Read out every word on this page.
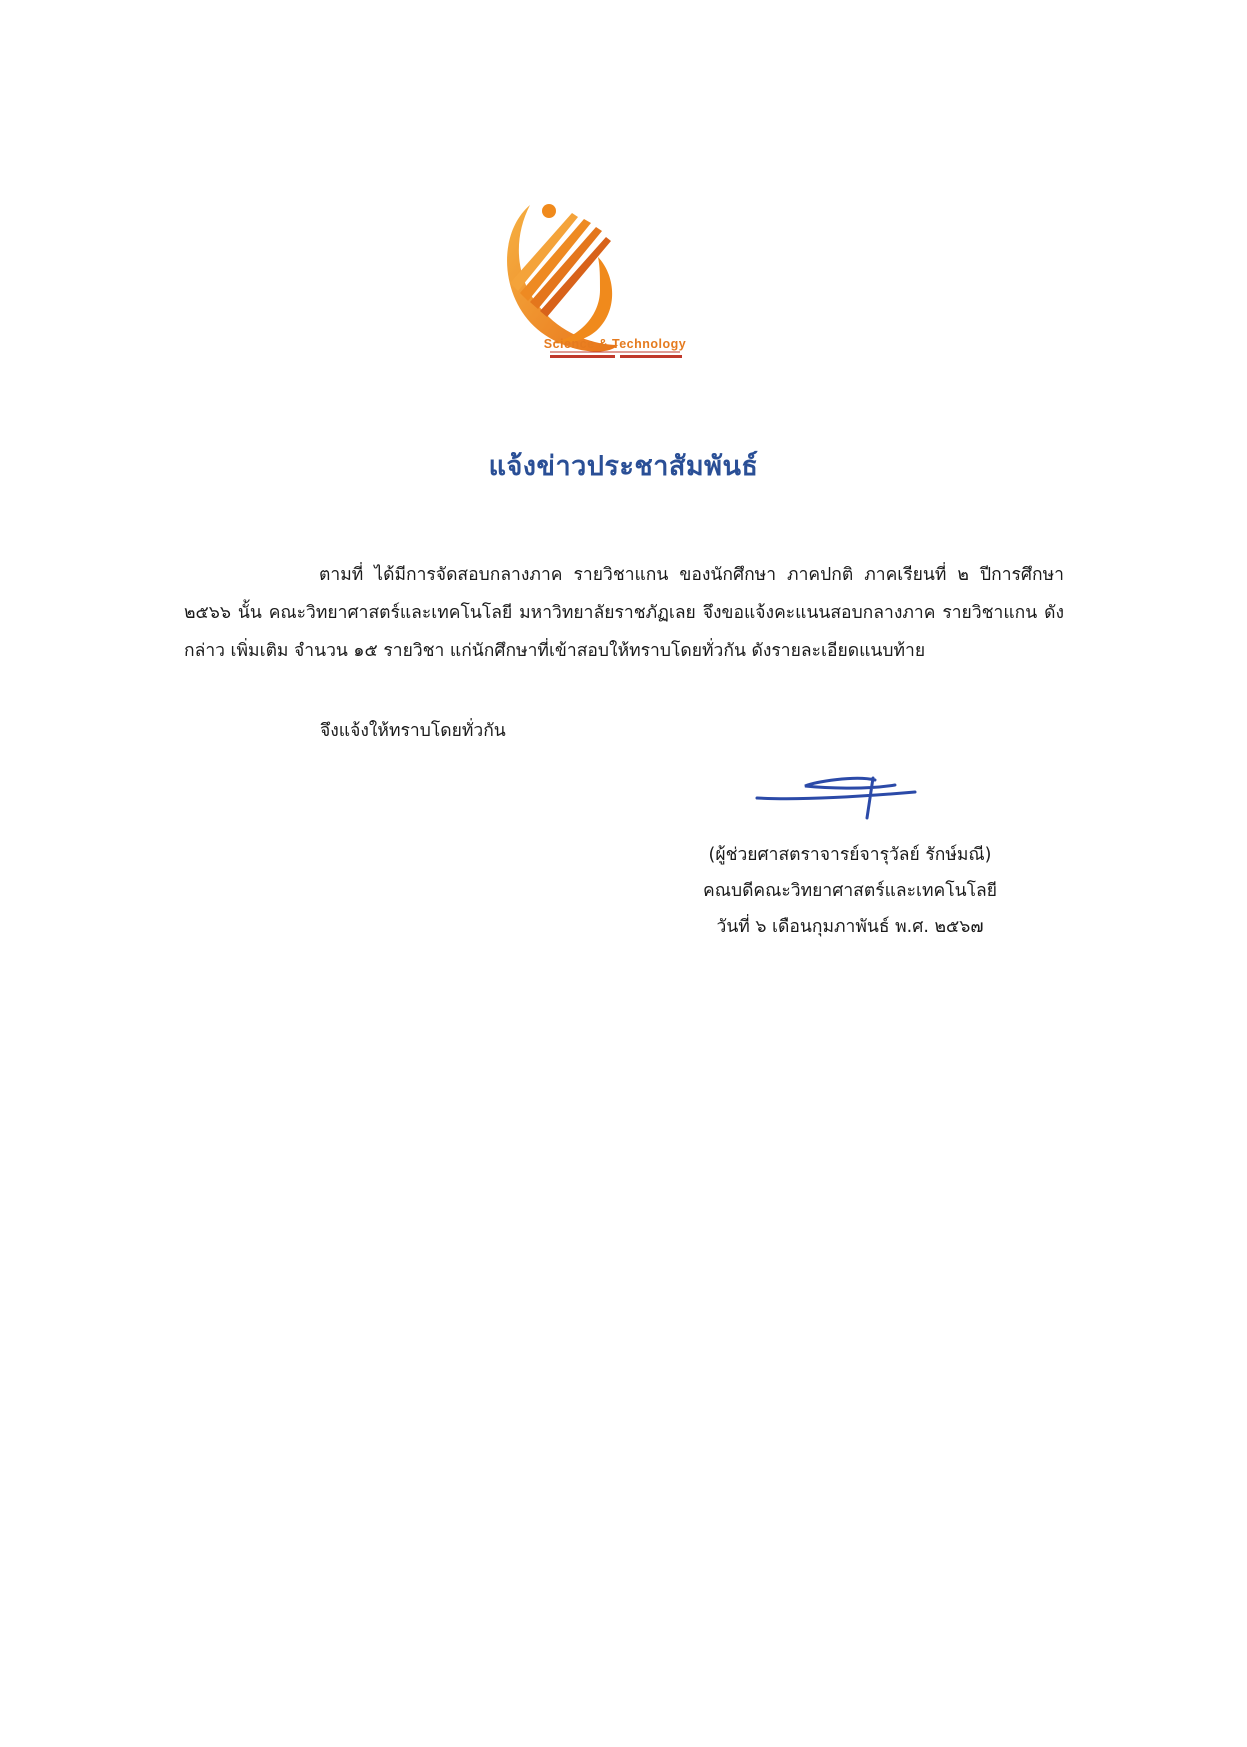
Science & Technology
แจ้งข่าวประชาสัมพันธ์

ตามที่ ได้มีการจัดสอบกลางภาค รายวิชาแกน ของนักศึกษา ภาคปกติ ภาคเรียนที่ ๒ ปีการศึกษา ๒๕๖๖ นั้น คณะวิทยาศาสตร์และเทคโนโลยี มหาวิทยาลัยราชภัฏเลย จึงขอแจ้งคะแนนสอบกลางภาค รายวิชาแกน ดังกล่าว เพิ่มเติม จำนวน ๑๕ รายวิชา แก่นักศึกษาที่เข้าสอบให้ทราบโดยทั่วกัน ดังรายละเอียดแนบท้าย

จึงแจ้งให้ทราบโดยทั่วกัน
(ผู้ช่วยศาสตราจารย์จารุวัลย์ รักษ์มณี)
คณบดีคณะวิทยาศาสตร์และเทคโนโลยี
วันที่ ๖ เดือนกุมภาพันธ์ พ.ศ. ๒๕๖๗
